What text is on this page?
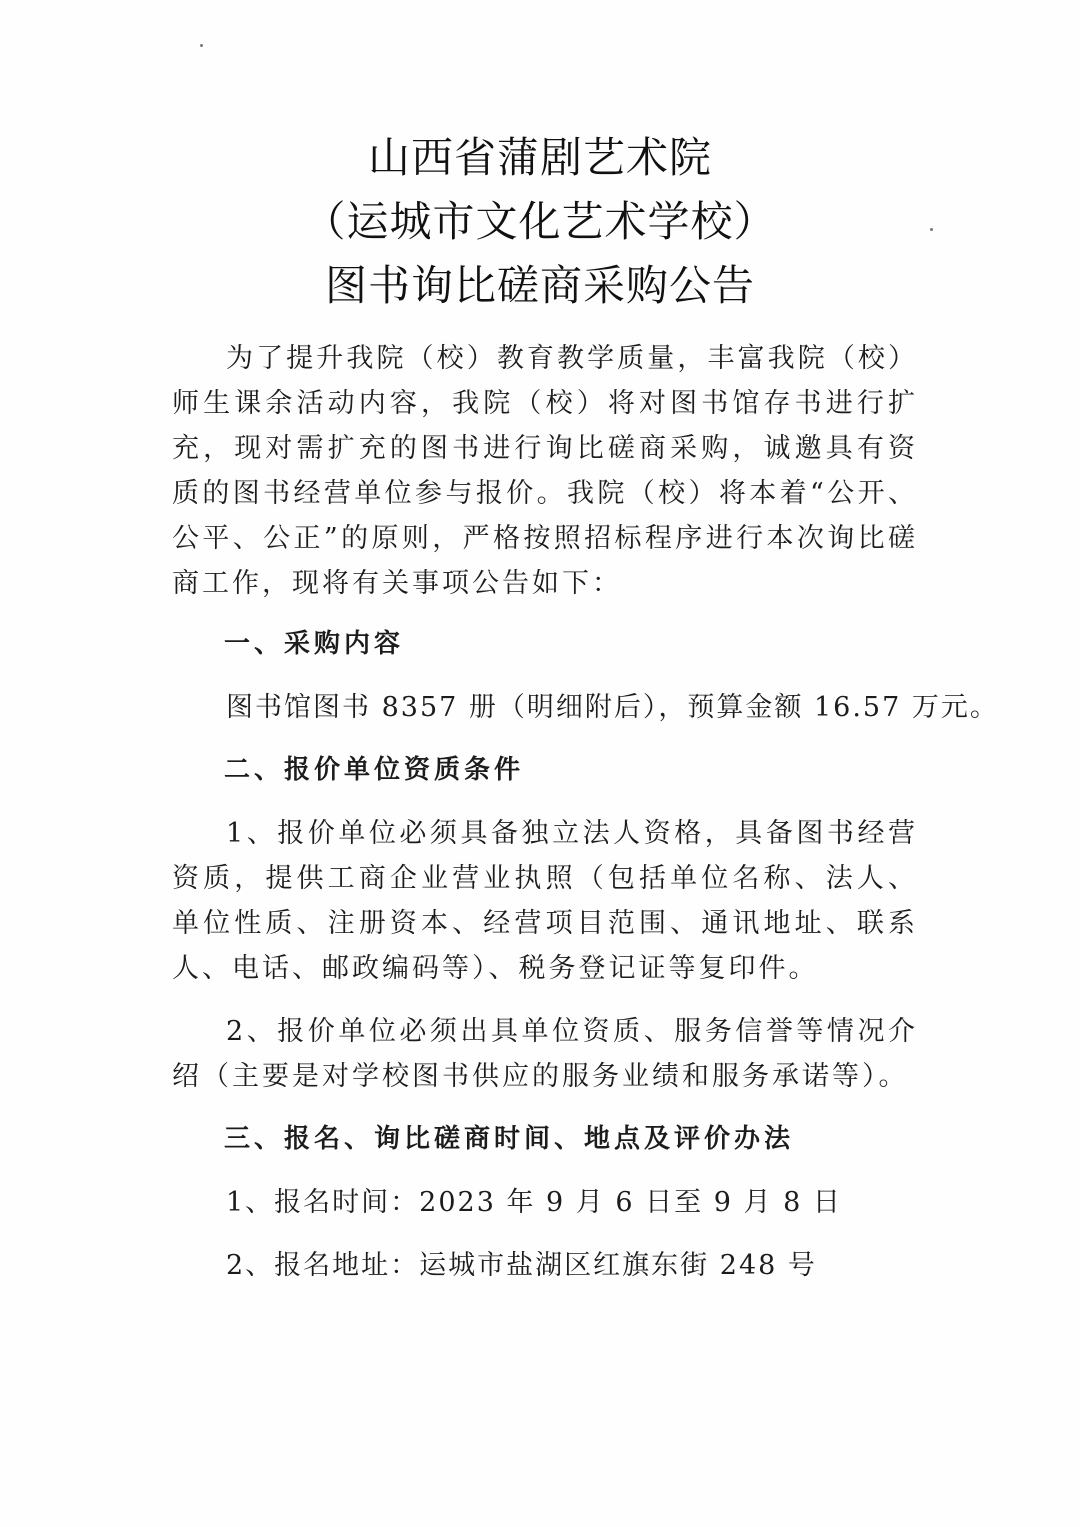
山西省蒲剧艺术院
（运城市文化艺术学校）
图书询比磋商采购公告

为了提升我院（校）教育教学质量，丰富我院（校）师生课余活动内容，我院（校）将对图书馆存书进行扩充，现对需扩充的图书进行询比磋商采购，诚邀具有资质的图书经营单位参与报价。我院（校）将本着“公开、公平、公正”的原则，严格按照招标程序进行本次询比磋商工作，现将有关事项公告如下：

一、采购内容

图书馆图书 8357 册（明细附后），预算金额 16.57 万元。

二、报价单位资质条件

1、报价单位必须具备独立法人资格，具备图书经营资质，提供工商企业营业执照（包括单位名称、法人、单位性质、注册资本、经营项目范围、通讯地址、联系人、电话、邮政编码等）、税务登记证等复印件。

2、报价单位必须出具单位资质、服务信誉等情况介绍（主要是对学校图书供应的服务业绩和服务承诺等）。

三、报名、询比磋商时间、地点及评价办法

1、报名时间：2023 年 9 月 6 日至 9 月 8 日

2、报名地址：运城市盐湖区红旗东街 248 号
